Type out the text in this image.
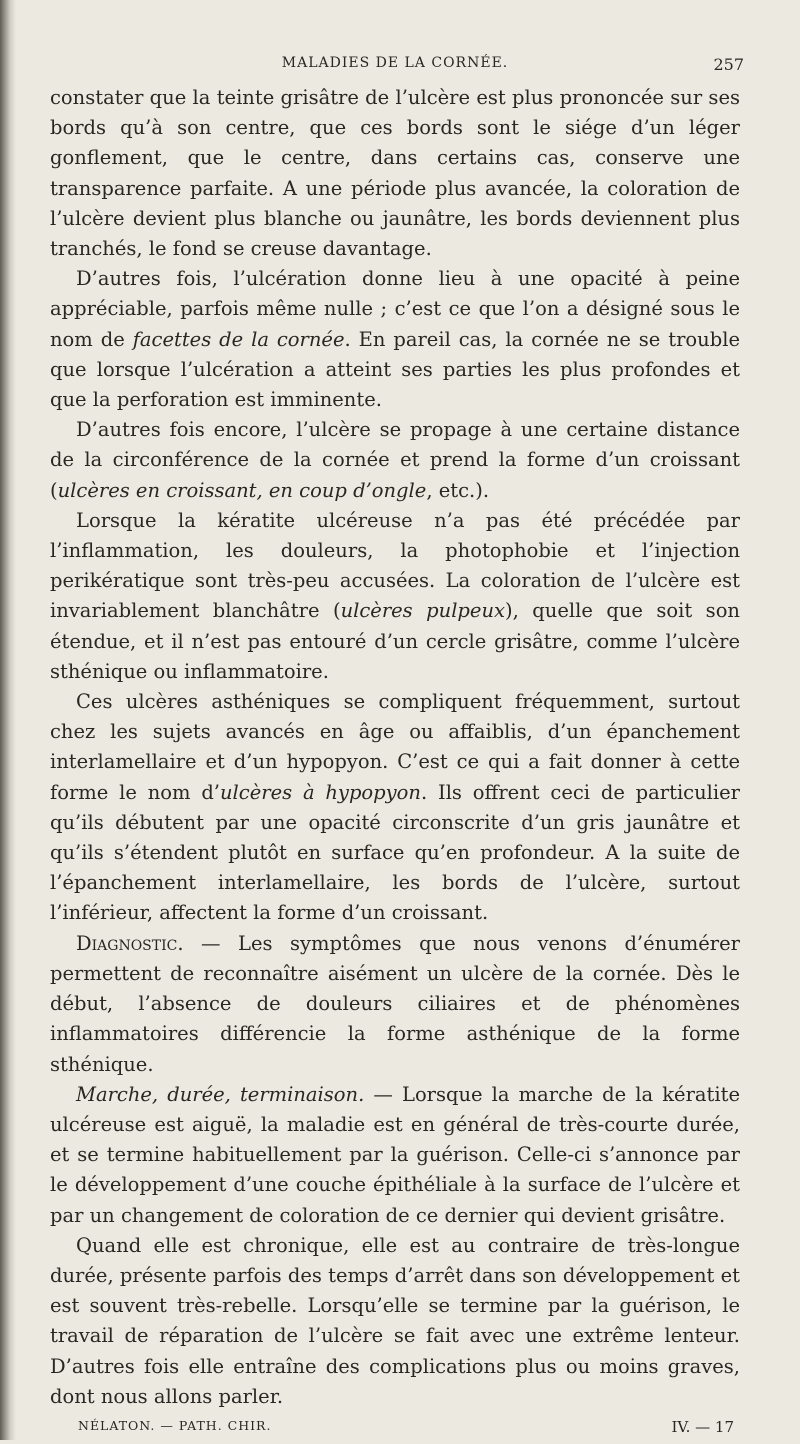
MALADIES DE LA CORNÉE.	257

constater que la teinte grisâtre de l’ulcère est plus prononcée sur ses bords qu’à son centre, que ces bords sont le siége d’un léger gonflement, que le centre, dans certains cas, conserve une transparence parfaite. A une période plus avancée, la coloration de l’ulcère devient plus blanche ou jaunâtre, les bords deviennent plus tranchés, le fond se creuse davantage.

D’autres fois, l’ulcération donne lieu à une opacité à peine appréciable, parfois même nulle ; c’est ce que l’on a désigné sous le nom de facettes de la cornée. En pareil cas, la cornée ne se trouble que lorsque l’ulcération a atteint ses parties les plus profondes et que la perforation est imminente.

D’autres fois encore, l’ulcère se propage à une certaine distance de la circonférence de la cornée et prend la forme d’un croissant (ulcères en croissant, en coup d’ongle, etc.).

Lorsque la kératite ulcéreuse n’a pas été précédée par l’inflammation, les douleurs, la photophobie et l’injection perikératique sont très-peu accusées. La coloration de l’ulcère est invariablement blanchâtre (ulcères pulpeux), quelle que soit son étendue, et il n’est pas entouré d’un cercle grisâtre, comme l’ulcère sthénique ou inflammatoire.

Ces ulcères asthéniques se compliquent fréquemment, surtout chez les sujets avancés en âge ou affaiblis, d’un épanchement interlamellaire et d’un hypopyon. C’est ce qui a fait donner à cette forme le nom d’ulcères à hypopyon. Ils offrent ceci de particulier qu’ils débutent par une opacité circonscrite d’un gris jaunâtre et qu’ils s’étendent plutôt en surface qu’en profondeur. A la suite de l’épanchement interlamellaire, les bords de l’ulcère, surtout l’inférieur, affectent la forme d’un croissant.

Diagnostic. — Les symptômes que nous venons d’énumérer permettent de reconnaître aisément un ulcère de la cornée. Dès le début, l’absence de douleurs ciliaires et de phénomènes inflammatoires différencie la forme asthénique de la forme sthénique.

Marche, durée, terminaison. — Lorsque la marche de la kératite ulcéreuse est aiguë, la maladie est en général de très-courte durée, et se termine habituellement par la guérison. Celle-ci s’annonce par le développement d’une couche épithéliale à la surface de l’ulcère et par un changement de coloration de ce dernier qui devient grisâtre.

Quand elle est chronique, elle est au contraire de très-longue durée, présente parfois des temps d’arrêt dans son développement et est souvent très-rebelle. Lorsqu’elle se termine par la guérison, le travail de réparation de l’ulcère se fait avec une extrême lenteur. D’autres fois elle entraîne des complications plus ou moins graves, dont nous allons parler.

NÉLATON. — PATH. CHIR.	IV. — 17
